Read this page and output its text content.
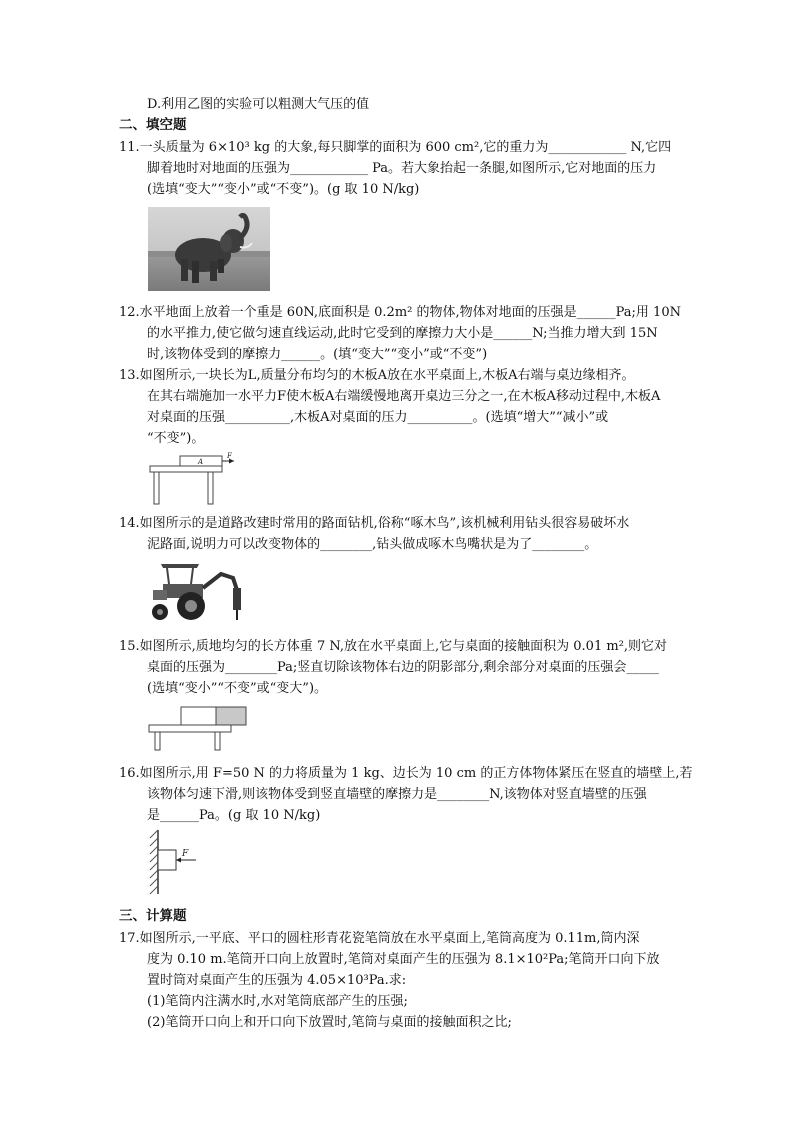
D.利用乙图的实验可以粗测大气压的值
二、填空题
11.一头质量为 6×10³ kg 的大象,每只脚掌的面积为 600 cm²,它的重力为____________ N,它四
脚着地时对地面的压强为____________ Pa。若大象抬起一条腿,如图所示,它对地面的压力
(选填“变大”“变小”或“不变”)。(g 取 10 N/kg)
12.水平地面上放着一个重是 60N,底面积是 0.2m² 的物体,物体对地面的压强是______Pa;用 10N
的水平推力,使它做匀速直线运动,此时它受到的摩擦力大小是______N;当推力增大到 15N
时,该物体受到的摩擦力______。(填“变大”“变小”或“不变”)
13.如图所示,一块长为L,质量分布均匀的木板A放在水平桌面上,木板A右端与桌边缘相齐。
在其右端施加一水平力F使木板A右端缓慢地离开桌边三分之一,在木板A移动过程中,木板A
对桌面的压强__________,木板A对桌面的压力__________。(选填“增大”“减小”或
“不变”)。
A
F
14.如图所示的是道路改建时常用的路面钻机,俗称“啄木鸟”,该机械利用钻头很容易破坏水
泥路面,说明力可以改变物体的________,钻头做成啄木鸟嘴状是为了________。
15.如图所示,质地均匀的长方体重 7 N,放在水平桌面上,它与桌面的接触面积为 0.01 m²,则它对
桌面的压强为________Pa;竖直切除该物体右边的阴影部分,剩余部分对桌面的压强会_____
(选填“变小”“不变”或“变大”)。
16.如图所示,用 F=50 N 的力将质量为 1 kg、边长为 10 cm 的正方体物体紧压在竖直的墙壁上,若
该物体匀速下滑,则该物体受到竖直墙壁的摩擦力是________N,该物体对竖直墙壁的压强
是______Pa。(g 取 10 N/kg)
F
三、计算题
17.如图所示,一平底、平口的圆柱形青花瓷笔筒放在水平桌面上,笔筒高度为 0.11m,筒内深
度为 0.10 m.笔筒开口向上放置时,笔筒对桌面产生的压强为 8.1×10²Pa;笔筒开口向下放
置时筒对桌面产生的压强为 4.05×10³Pa.求:
(1)笔筒内注满水时,水对笔筒底部产生的压强;
(2)笔筒开口向上和开口向下放置时,笔筒与桌面的接触面积之比;
